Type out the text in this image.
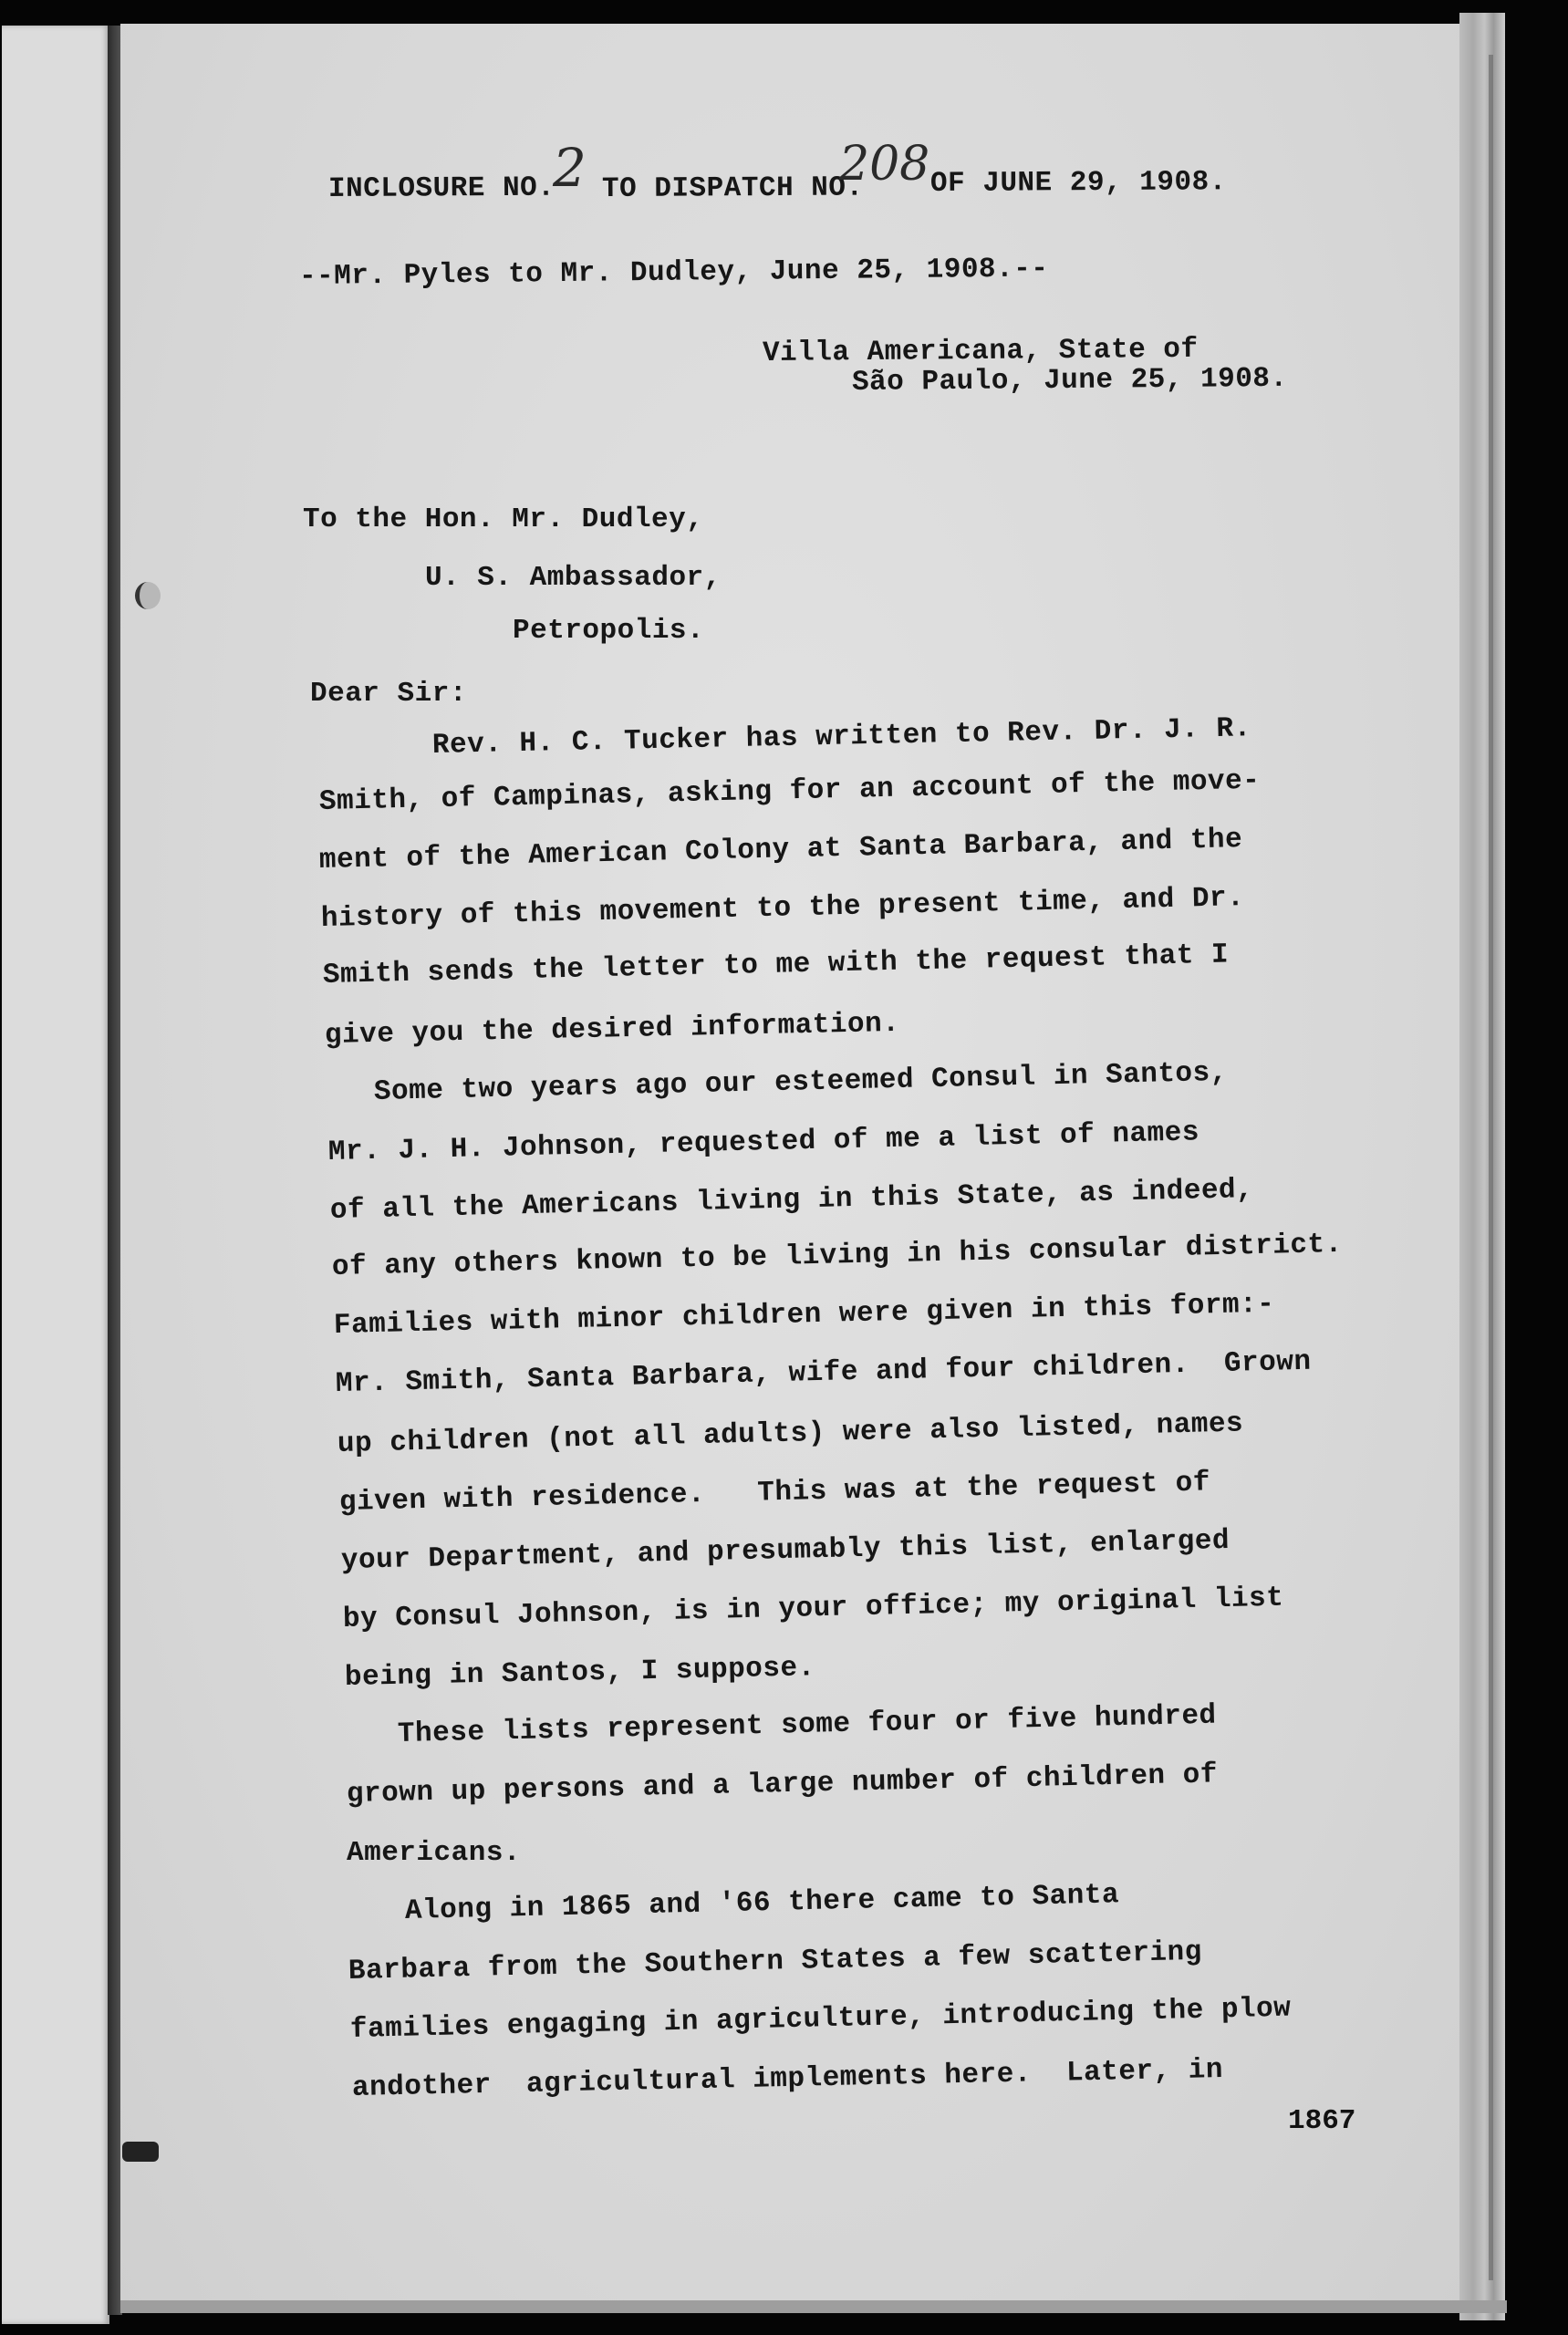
INCLOSURE NO.
2 TO DISPATCH NO.
208 OF JUNE 29, 1908.
--Mr. Pyles to Mr. Dudley, June 25, 1908.--
Villa Americana, State of
São Paulo, June 25, 1908.
To the Hon. Mr. Dudley,
U. S. Ambassador,
Petropolis.
Dear Sir:
Rev. H. C. Tucker has written to Rev. Dr. J. R.
Smith, of Campinas, asking for an account of the move-
ment of the American Colony at Santa Barbara, and the
history of this movement to the present time, and Dr.
Smith sends the letter to me with the request that I
give you the desired information.
Some two years ago our esteemed Consul in Santos,
Mr. J. H. Johnson, requested of me a list of names
of all the Americans living in this State, as indeed,
of any others known to be living in his consular district.
Families with minor children were given in this form:-
Mr. Smith, Santa Barbara, wife and four children.  Grown
up children (not all adults) were also listed, names
given with residence.   This was at the request of
your Department, and presumably this list, enlarged
by Consul Johnson, is in your office; my original list
being in Santos, I suppose.
These lists represent some four or five hundred
grown up persons and a large number of children of
Americans.
Along in 1865 and '66 there came to Santa
Barbara from the Southern States a few scattering
families engaging in agriculture, introducing the plow
andother  agricultural implements here.  Later, in
1867
